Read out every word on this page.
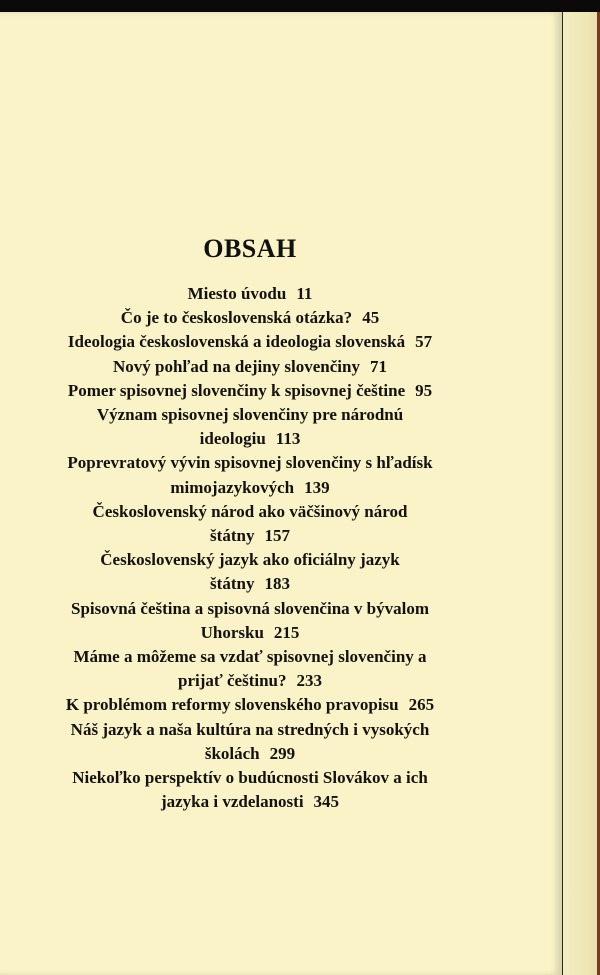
OBSAH
Miesto úvodu 11
Čo je to československá otázka? 45
Ideologia československá a ideologia slovenská 57
Nový pohľad na dejiny slovenčiny 71
Pomer spisovnej slovenčiny k spisovnej češtine 95
Význam spisovnej slovenčiny pre národnú
ideologiu 113
Poprevratový vývin spisovnej slovenčiny s hľadísk
mimojazykových 139
Československý národ ako väčšinový národ
štátny 157
Československý jazyk ako oficiálny jazyk
štátny 183
Spisovná čeština a spisovná slovenčina v bývalom
Uhorsku 215
Máme a môžeme sa vzdať spisovnej slovenčiny a
prijať češtinu? 233
K problémom reformy slovenského pravopisu 265
Náš jazyk a naša kultúra na stredných i vysokých
školách 299
Niekoľko perspektív o budúcnosti Slovákov a ich
jazyka i vzdelanosti 345
